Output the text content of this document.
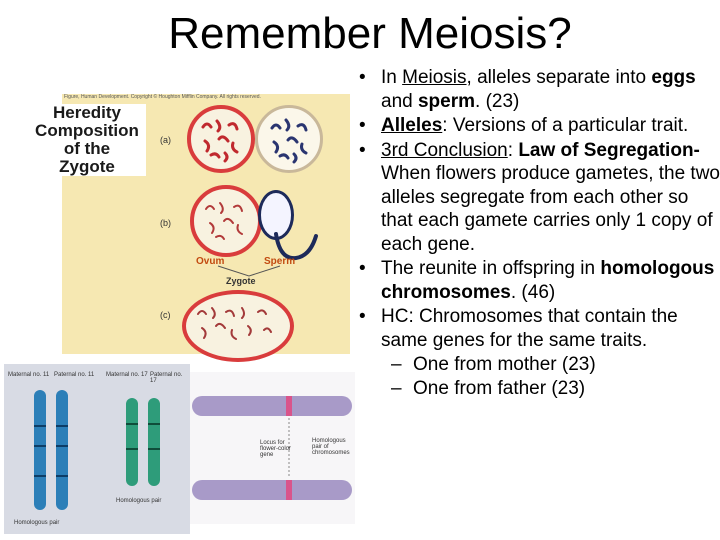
Remember Meiosis?
Figure, Human Development. Copyright © Houghton Mifflin Company. All rights reserved.
Heredity
Composition
of the
Zygote
(a)
(b)
(c)
Ovum	Sperm
Zygote
Maternal no. 11 Paternal no. 11 Maternal no. 17 Paternal no. 17
Homologous pair
Homologous pair
Locus for flower-color gene
Homologous pair of chromosomes
• In Meiosis, alleles separate into eggs and sperm. (23)
• Alleles: Versions of a particular trait.
• 3rd Conclusion: Law of Segregation- When flowers produce gametes, the two alleles segregate from each other so that each gamete carries only 1 copy of each gene.
• The reunite in offspring in homologous chromosomes. (46)
• HC: Chromosomes that contain the same genes for the same traits.
– One from mother (23)
– One from father (23)
